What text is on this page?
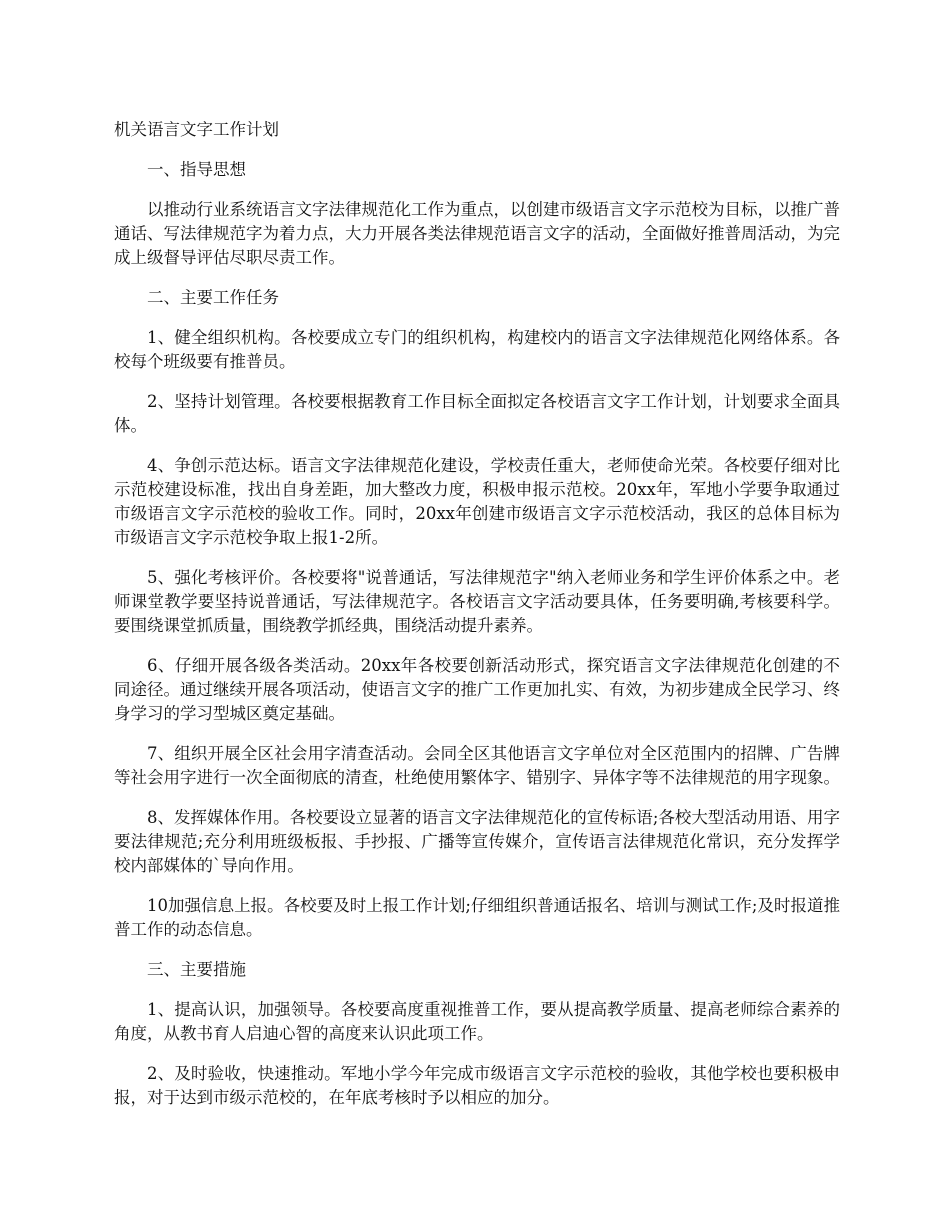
机关语言文字工作计划

一、指导思想

以推动行业系统语言文字法律规范化工作为重点，以创建市级语言文字示范校为目标，以推广普通话、写法律规范字为着力点，大力开展各类法律规范语言文字的活动，全面做好推普周活动，为完成上级督导评估尽职尽责工作。

二、主要工作任务

1、健全组织机构。各校要成立专门的组织机构，构建校内的语言文字法律规范化网络体系。各校每个班级要有推普员。

2、坚持计划管理。各校要根据教育工作目标全面拟定各校语言文字工作计划，计划要求全面具体。

4、争创示范达标。语言文字法律规范化建设，学校责任重大，老师使命光荣。各校要仔细对比示范校建设标准，找出自身差距，加大整改力度，积极申报示范校。20xx年，军地小学要争取通过市级语言文字示范校的验收工作。同时，20xx年创建市级语言文字示范校活动，我区的总体目标为市级语言文字示范校争取上报1-2所。

5、强化考核评价。各校要将"说普通话，写法律规范字"纳入老师业务和学生评价体系之中。老师课堂教学要坚持说普通话，写法律规范字。各校语言文字活动要具体，任务要明确,考核要科学。要围绕课堂抓质量，围绕教学抓经典，围绕活动提升素养。

6、仔细开展各级各类活动。20xx年各校要创新活动形式，探究语言文字法律规范化创建的不同途径。通过继续开展各项活动，使语言文字的推广工作更加扎实、有效，为初步建成全民学习、终身学习的学习型城区奠定基础。

7、组织开展全区社会用字清查活动。会同全区其他语言文字单位对全区范围内的招牌、广告牌等社会用字进行一次全面彻底的清查，杜绝使用繁体字、错别字、异体字等不法律规范的用字现象。

8、发挥媒体作用。各校要设立显著的语言文字法律规范化的宣传标语;各校大型活动用语、用字要法律规范;充分利用班级板报、手抄报、广播等宣传媒介，宣传语言法律规范化常识，充分发挥学校内部媒体的`导向作用。

10加强信息上报。各校要及时上报工作计划;仔细组织普通话报名、培训与测试工作;及时报道推普工作的动态信息。

三、主要措施

1、提高认识，加强领导。各校要高度重视推普工作，要从提高教学质量、提高老师综合素养的角度，从教书育人启迪心智的高度来认识此项工作。

2、及时验收，快速推动。军地小学今年完成市级语言文字示范校的验收，其他学校也要积极申报，对于达到市级示范校的，在年底考核时予以相应的加分。
